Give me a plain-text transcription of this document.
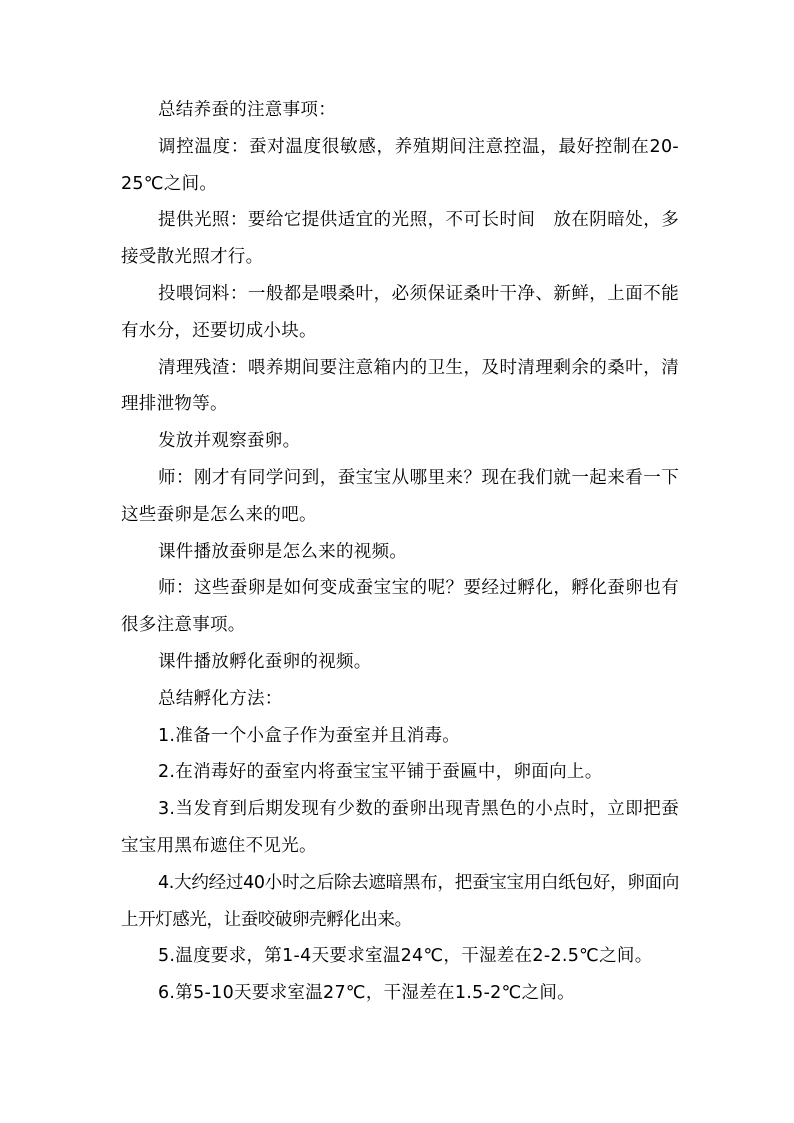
总结养蚕的注意事项：

调控温度：蚕对温度很敏感，养殖期间注意控温，最好控制在20-25℃之间。

提供光照：要给它提供适宜的光照，不可长时间　放在阴暗处，多接受散光照才行。

投喂饲料：一般都是喂桑叶，必须保证桑叶干净、新鲜，上面不能有水分，还要切成小块。

清理残渣：喂养期间要注意箱内的卫生，及时清理剩余的桑叶，清理排泄物等。

发放并观察蚕卵。

师：刚才有同学问到，蚕宝宝从哪里来？现在我们就一起来看一下这些蚕卵是怎么来的吧。

课件播放蚕卵是怎么来的视频。

师：这些蚕卵是如何变成蚕宝宝的呢？要经过孵化，孵化蚕卵也有很多注意事项。

课件播放孵化蚕卵的视频。

总结孵化方法：

1.准备一个小盒子作为蚕室并且消毒。

2.在消毒好的蚕室内将蚕宝宝平铺于蚕匾中，卵面向上。

3.当发育到后期发现有少数的蚕卵出现青黑色的小点时，立即把蚕宝宝用黑布遮住不见光。

4.大约经过40小时之后除去遮暗黑布，把蚕宝宝用白纸包好，卵面向上开灯感光，让蚕咬破卵壳孵化出来。

5.温度要求，第1-4天要求室温24℃，干湿差在2-2.5℃之间。

6.第5-10天要求室温27℃，干湿差在1.5-2℃之间。
